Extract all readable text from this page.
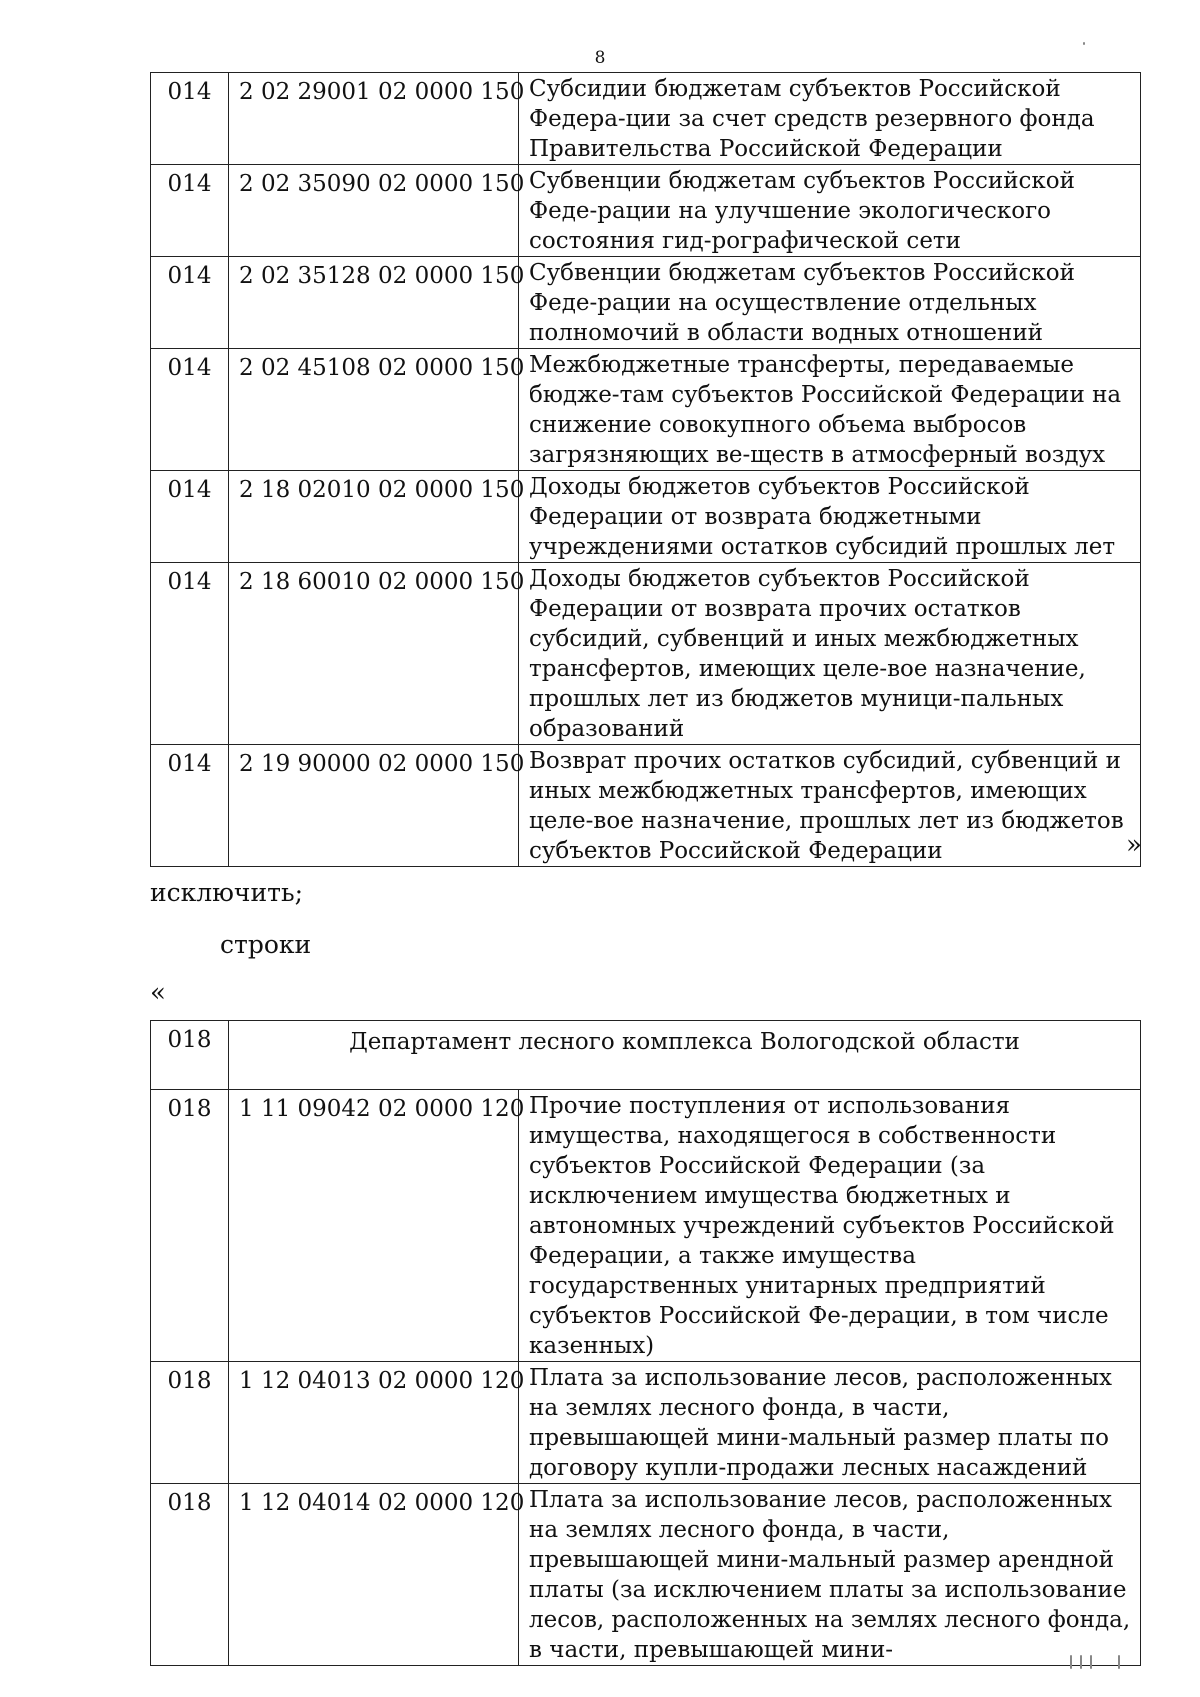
8
014	2 02 29001 02 0000 150	Субсидии бюджетам субъектов Российской Федера-ции за счет средств резервного фонда Правительства Российской Федерации
014	2 02 35090 02 0000 150	Субвенции бюджетам субъектов Российской Феде-рации на улучшение экологического состояния гид-рографической сети
014	2 02 35128 02 0000 150	Субвенции бюджетам субъектов Российской Феде-рации на осуществление отдельных полномочий в области водных отношений
014	2 02 45108 02 0000 150	Межбюджетные трансферты, передаваемые бюдже-там субъектов Российской Федерации на снижение совокупного объема выбросов загрязняющих ве-ществ в атмосферный воздух
014	2 18 02010 02 0000 150	Доходы бюджетов субъектов Российской Федерации от возврата бюджетными учреждениями остатков субсидий прошлых лет
014	2 18 60010 02 0000 150	Доходы бюджетов субъектов Российской Федерации от возврата прочих остатков субсидий, субвенций и иных межбюджетных трансфертов, имеющих целе-вое назначение, прошлых лет из бюджетов муници-пальных образований
014	2 19 90000 02 0000 150	Возврат прочих остатков субсидий, субвенций и иных межбюджетных трансфертов, имеющих целе-вое назначение, прошлых лет из бюджетов субъектов Российской Федерации	»
исключить;
строки
«
018	Департамент лесного комплекса Вологодской области	
018	1 11 09042 02 0000 120	Прочие поступления от использования имущества, находящегося в собственности субъектов Российской Федерации (за исключением имущества бюджетных и автономных учреждений субъектов Российской Федерации, а также имущества государственных унитарных предприятий субъектов Российской Фе-дерации, в том числе казенных)
018	1 12 04013 02 0000 120	Плата за использование лесов, расположенных на землях лесного фонда, в части, превышающей мини-мальный размер платы по договору купли-продажи лесных насаждений
018	1 12 04014 02 0000 120	Плата за использование лесов, расположенных на землях лесного фонда, в части, превышающей мини-мальный размер арендной платы (за исключением платы за использование лесов, расположенных на землях лесного фонда, в части, превышающей мини-
